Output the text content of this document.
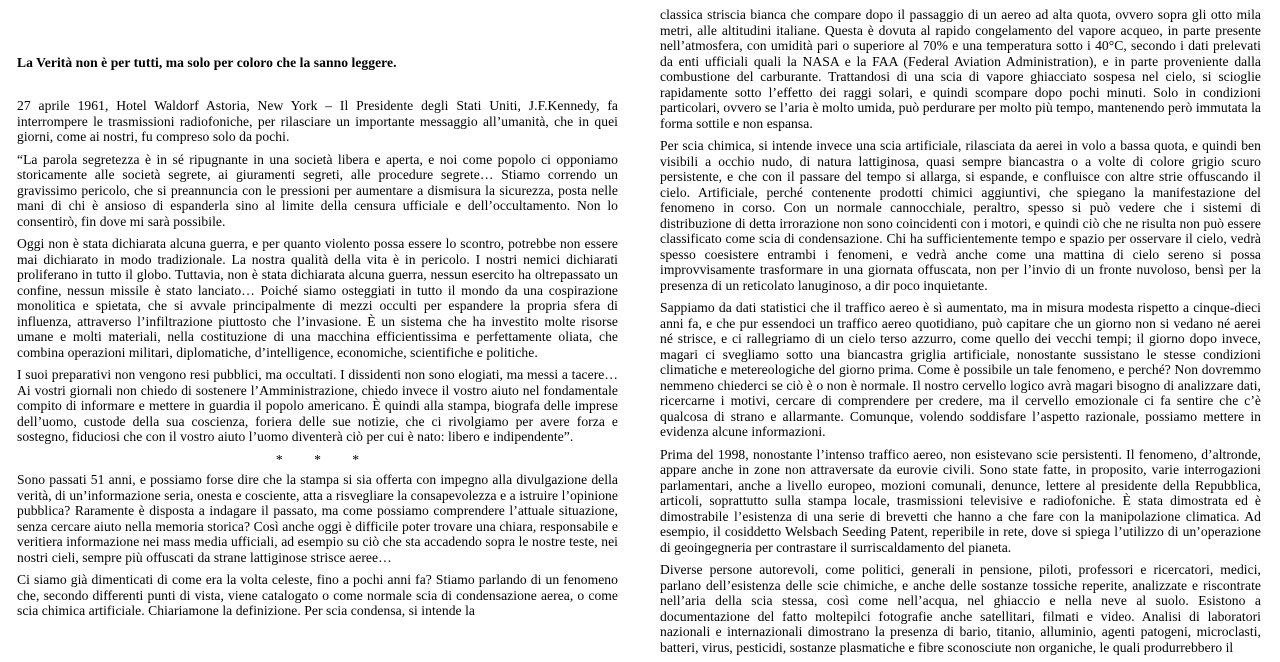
La Verità non è per tutti, ma solo per coloro che la sanno leggere.

27 aprile 1961, Hotel Waldorf Astoria, New York – Il Presidente degli Stati Uniti, J.F.Kennedy, fa interrompere le trasmissioni radiofoniche, per rilasciare un importante messaggio all’umanità, che in quei giorni, come ai nostri, fu compreso solo da pochi.

“La parola segretezza è in sé ripugnante in una società libera e aperta, e noi come popolo ci opponiamo storicamente alle società segrete, ai giuramenti segreti, alle procedure segrete… Stiamo correndo un gravissimo pericolo, che si preannuncia con le pressioni per aumentare a dismisura la sicurezza, posta nelle mani di chi è ansioso di espanderla sino al limite della censura ufficiale e dell’occultamento. Non lo consentirò, fin dove mi sarà possibile.

Oggi non è stata dichiarata alcuna guerra, e per quanto violento possa essere lo scontro, potrebbe non essere mai dichiarato in modo tradizionale. La nostra qualità della vita è in pericolo. I nostri nemici dichiarati proliferano in tutto il globo. Tuttavia, non è stata dichiarata alcuna guerra, nessun esercito ha oltrepassato un confine, nessun missile è stato lanciato… Poiché siamo osteggiati in tutto il mondo da una cospirazione monolitica e spietata, che si avvale principalmente di mezzi occulti per espandere la propria sfera di influenza, attraverso l’infiltrazione piuttosto che l’invasione. È un sistema che ha investito molte risorse umane e molti materiali, nella costituzione di una macchina efficientissima e perfettamente oliata, che combina operazioni militari, diplomatiche, d’intelligence, economiche, scientifiche e politiche.

I suoi preparativi non vengono resi pubblici, ma occultati. I dissidenti non sono elogiati, ma messi a tacere… Ai vostri giornali non chiedo di sostenere l’Amministrazione, chiedo invece il vostro aiuto nel fondamentale compito di informare e mettere in guardia il popolo americano. È quindi alla stampa, biografa delle imprese dell’uomo, custode della sua coscienza, foriera delle sue notizie, che ci rivolgiamo per avere forza e sostegno, fiduciosi che con il vostro aiuto l’uomo diventerà ciò per cui è nato: libero e indipendente”.

* * *

Sono passati 51 anni, e possiamo forse dire che la stampa si sia offerta con impegno alla divulgazione della verità, di un’informazione seria, onesta e cosciente, atta a risvegliare la consapevolezza e a istruire l’opinione pubblica? Raramente è disposta a indagare il passato, ma come possiamo comprendere l’attuale situazione, senza cercare aiuto nella memoria storica? Così anche oggi è difficile poter trovare una chiara, responsabile e veritiera informazione nei mass media ufficiali, ad esempio su ciò che sta accadendo sopra le nostre teste, nei nostri cieli, sempre più offuscati da strane lattiginose strisce aeree…

Ci siamo già dimenticati di come era la volta celeste, fino a pochi anni fa? Stiamo parlando di un fenomeno che, secondo differenti punti di vista, viene catalogato o come normale scia di condensazione aerea, o come scia chimica artificiale. Chiariamone la definizione. Per scia condensa, si intende la

classica striscia bianca che compare dopo il passaggio di un aereo ad alta quota, ovvero sopra gli otto mila metri, alle altitudini italiane. Questa è dovuta al rapido congelamento del vapore acqueo, in parte presente nell’atmosfera, con umidità pari o superiore al 70% e una temperatura sotto i 40°C, secondo i dati prelevati da enti ufficiali quali la NASA e la FAA (Federal Aviation Administration), e in parte proveniente dalla combustione del carburante. Trattandosi di una scia di vapore ghiacciato sospesa nel cielo, si scioglie rapidamente sotto l’effetto dei raggi solari, e quindi scompare dopo pochi minuti. Solo in condizioni particolari, ovvero se l’aria è molto umida, può perdurare per molto più tempo, mantenendo però immutata la forma sottile e non espansa.

Per scia chimica, si intende invece una scia artificiale, rilasciata da aerei in volo a bassa quota, e quindi ben visibili a occhio nudo, di natura lattiginosa, quasi sempre biancastra o a volte di colore grigio scuro persistente, e che con il passare del tempo si allarga, si espande, e confluisce con altre strie offuscando il cielo. Artificiale, perché contenente prodotti chimici aggiuntivi, che spiegano la manifestazione del fenomeno in corso. Con un normale cannocchiale, peraltro, spesso si può vedere che i sistemi di distribuzione di detta irrorazione non sono coincidenti con i motori, e quindi ciò che ne risulta non può essere classificato come scia di condensazione. Chi ha sufficientemente tempo e spazio per osservare il cielo, vedrà spesso coesistere entrambi i fenomeni, e vedrà anche come una mattina di cielo sereno si possa improvvisamente trasformare in una giornata offuscata, non per l’invio di un fronte nuvoloso, bensì per la presenza di un reticolato lanuginoso, a dir poco inquietante.

Sappiamo da dati statistici che il traffico aereo è sì aumentato, ma in misura modesta rispetto a cinque-dieci anni fa, e che pur essendoci un traffico aereo quotidiano, può capitare che un giorno non si vedano né aerei né strisce, e ci rallegriamo di un cielo terso azzurro, come quello dei vecchi tempi; il giorno dopo invece, magari ci svegliamo sotto una biancastra griglia artificiale, nonostante sussistano le stesse condizioni climatiche e metereologiche del giorno prima. Come è possibile un tale fenomeno, e perché? Non dovremmo nemmeno chiederci se ciò è o non è normale. Il nostro cervello logico avrà magari bisogno di analizzare dati, ricercarne i motivi, cercare di comprendere per credere, ma il cervello emozionale ci fa sentire che c’è qualcosa di strano e allarmante. Comunque, volendo soddisfare l’aspetto razionale, possiamo mettere in evidenza alcune informazioni.

Prima del 1998, nonostante l’intenso traffico aereo, non esistevano scie persistenti. Il fenomeno, d’altronde, appare anche in zone non attraversate da eurovie civili. Sono state fatte, in proposito, varie interrogazioni parlamentari, anche a livello europeo, mozioni comunali, denunce, lettere al presidente della Repubblica, articoli, soprattutto sulla stampa locale, trasmissioni televisive e radiofoniche. È stata dimostrata ed è dimostrabile l’esistenza di una serie di brevetti che hanno a che fare con la manipolazione climatica. Ad esempio, il cosiddetto Welsbach Seeding Patent, reperibile in rete, dove si spiega l’utilizzo di un’operazione di geoingegneria per contrastare il surriscaldamento del pianeta.

Diverse persone autorevoli, come politici, generali in pensione, piloti, professori e ricercatori, medici, parlano dell’esistenza delle scie chimiche, e anche delle sostanze tossiche reperite, analizzate e riscontrate nell’aria della scia stessa, così come nell’acqua, nel ghiaccio e nella neve al suolo. Esistono a documentazione del fatto moltepilci fotografie anche satellitari, filmati e video. Analisi di laboratori nazionali e internazionali dimostrano la presenza di bario, titanio, alluminio, agenti patogeni, microclasti, batteri, virus, pesticidi, sostanze plasmatiche e fibre sconosciute non organiche, le quali produrrebbero il
